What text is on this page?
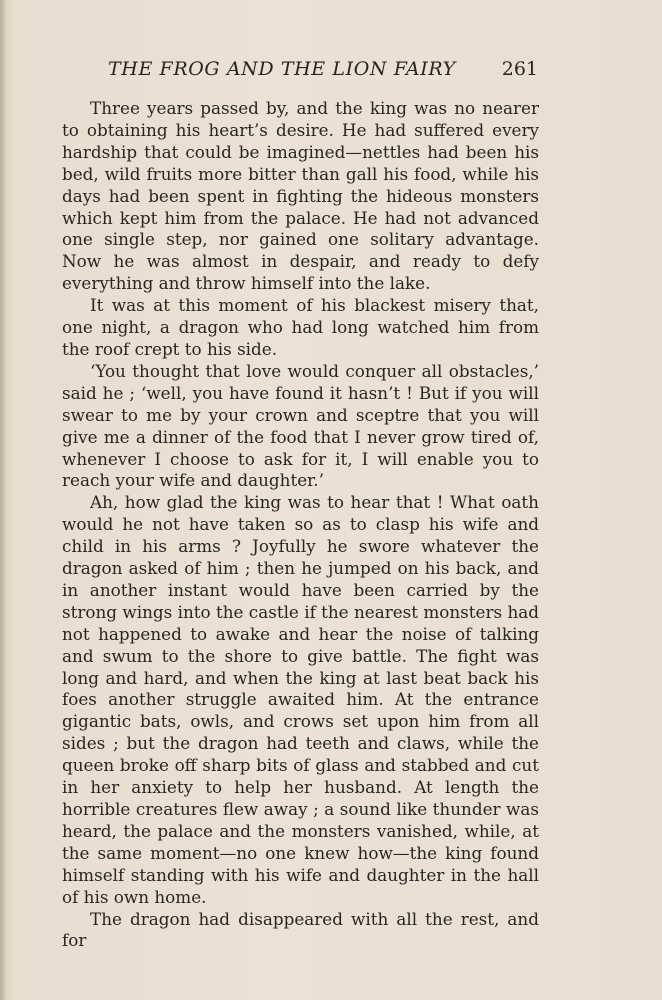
THE FROG AND THE LION FAIRY 261

Three years passed by, and the king was no nearer to obtaining his heart’s desire. He had suffered every hardship that could be imagined—nettles had been his bed, wild fruits more bitter than gall his food, while his days had been spent in fighting the hideous monsters which kept him from the palace. He had not advanced one single step, nor gained one solitary advantage. Now he was almost in despair, and ready to defy everything and throw himself into the lake.

It was at this moment of his blackest misery that, one night, a dragon who had long watched him from the roof crept to his side.

‘You thought that love would conquer all obstacles,’ said he ; ‘well, you have found it hasn’t ! But if you will swear to me by your crown and sceptre that you will give me a dinner of the food that I never grow tired of, whenever I choose to ask for it, I will enable you to reach your wife and daughter.’

Ah, how glad the king was to hear that ! What oath would he not have taken so as to clasp his wife and child in his arms ? Joyfully he swore whatever the dragon asked of him ; then he jumped on his back, and in another instant would have been carried by the strong wings into the castle if the nearest monsters had not happened to awake and hear the noise of talking and swum to the shore to give battle. The fight was long and hard, and when the king at last beat back his foes another struggle awaited him. At the entrance gigantic bats, owls, and crows set upon him from all sides ; but the dragon had teeth and claws, while the queen broke off sharp bits of glass and stabbed and cut in her anxiety to help her husband. At length the horrible creatures flew away ; a sound like thunder was heard, the palace and the monsters vanished, while, at the same moment—no one knew how—the king found himself standing with his wife and daughter in the hall of his own home.

The dragon had disappeared with all the rest, and for
